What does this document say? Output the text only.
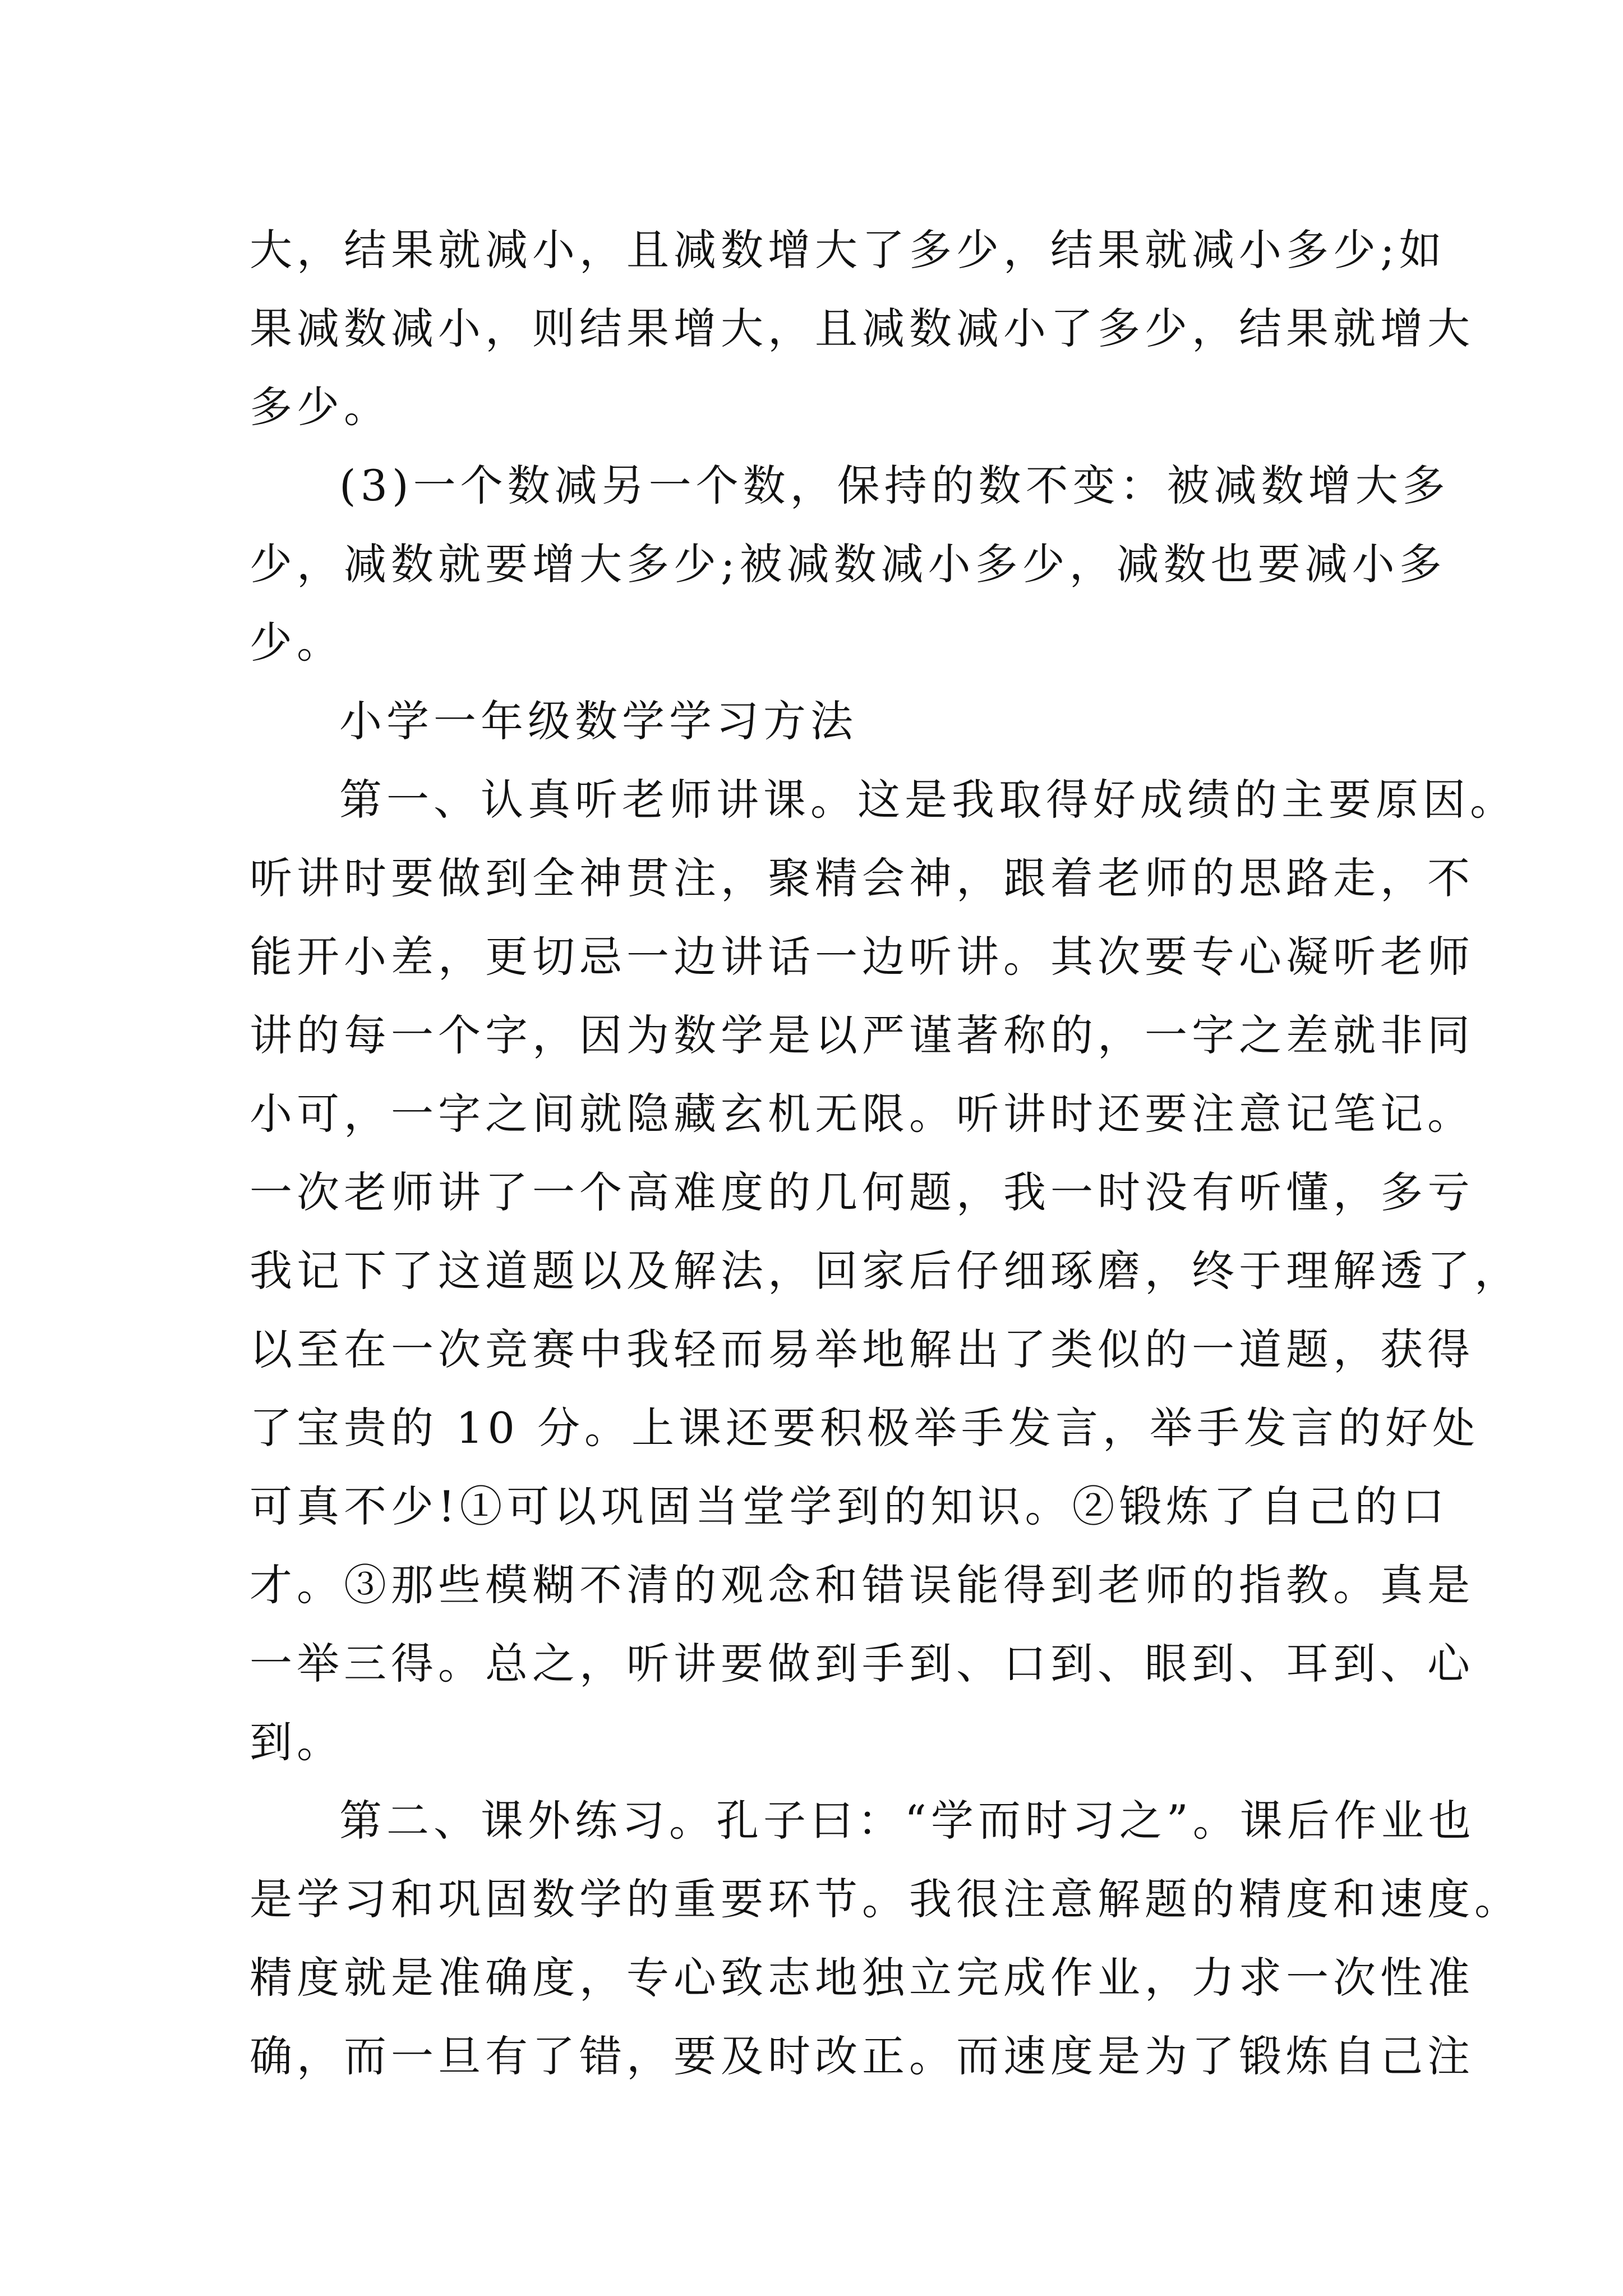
大，结果就减小，且减数增大了多少，结果就减小多少;如
果减数减小，则结果增大，且减数减小了多少，结果就增大
多少。
(3)一个数减另一个数，保持的数不变：被减数增大多
少，减数就要增大多少;被减数减小多少，减数也要减小多
少。
小学一年级数学学习方法
第一、认真听老师讲课。这是我取得好成绩的主要原因。
听讲时要做到全神贯注，聚精会神，跟着老师的思路走，不
能开小差，更切忌一边讲话一边听讲。其次要专心凝听老师
讲的每一个字，因为数学是以严谨著称的，一字之差就非同
小可，一字之间就隐藏玄机无限。听讲时还要注意记笔记。
一次老师讲了一个高难度的几何题，我一时没有听懂，多亏
我记下了这道题以及解法，回家后仔细琢磨，终于理解透了，
以至在一次竞赛中我轻而易举地解出了类似的一道题，获得
了宝贵的 10 分。上课还要积极举手发言，举手发言的好处
可真不少!①可以巩固当堂学到的知识。②锻炼了自己的口
才。③那些模糊不清的观念和错误能得到老师的指教。真是
一举三得。总之，听讲要做到手到、口到、眼到、耳到、心
到。
第二、课外练习。孔子曰：“学而时习之”。课后作业也
是学习和巩固数学的重要环节。我很注意解题的精度和速度。
精度就是准确度，专心致志地独立完成作业，力求一次性准
确，而一旦有了错，要及时改正。而速度是为了锻炼自己注
